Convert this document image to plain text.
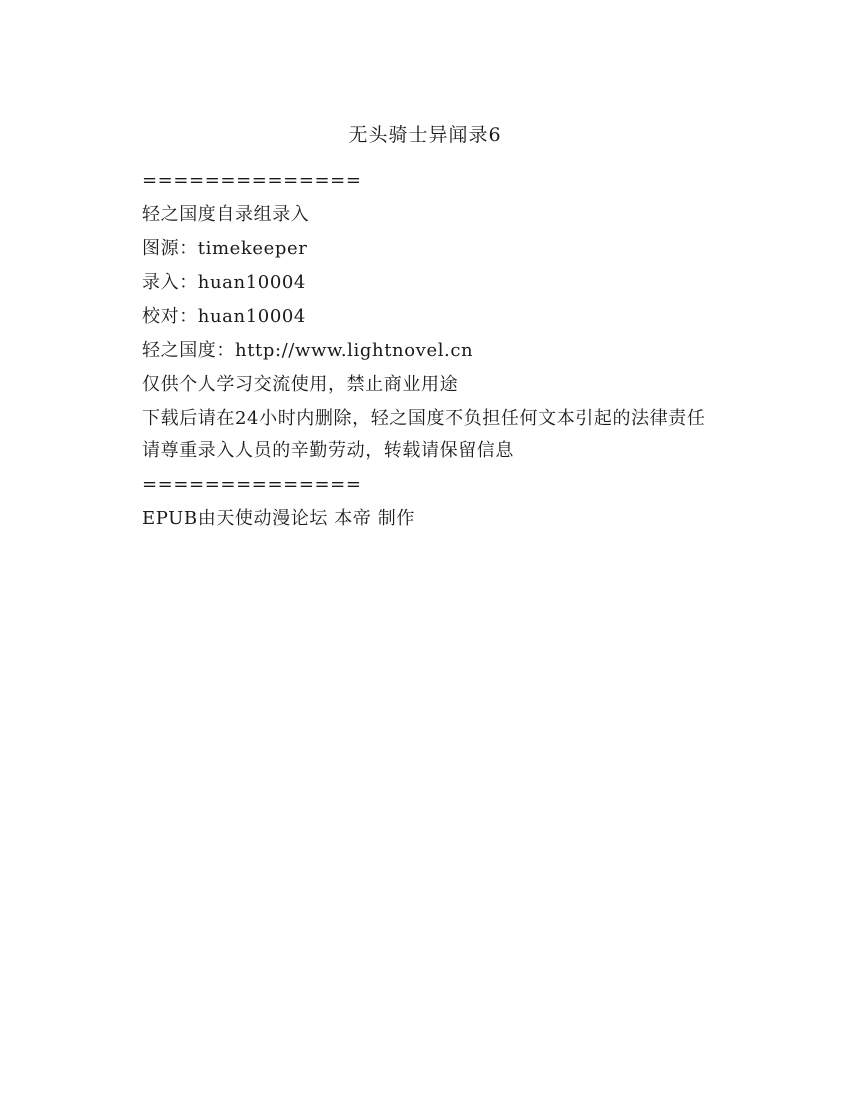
无头骑士异闻录6

==============

轻之国度自录组录入

图源：timekeeper

录入：huan10004

校对：huan10004

轻之国度：http://www.lightnovel.cn

仅供个人学习交流使用，禁止商业用途

下载后请在24小时内删除，轻之国度不负担任何文本引起的法律责任

请尊重录入人员的辛勤劳动，转载请保留信息

==============

EPUB由天使动漫论坛 本帝 制作
